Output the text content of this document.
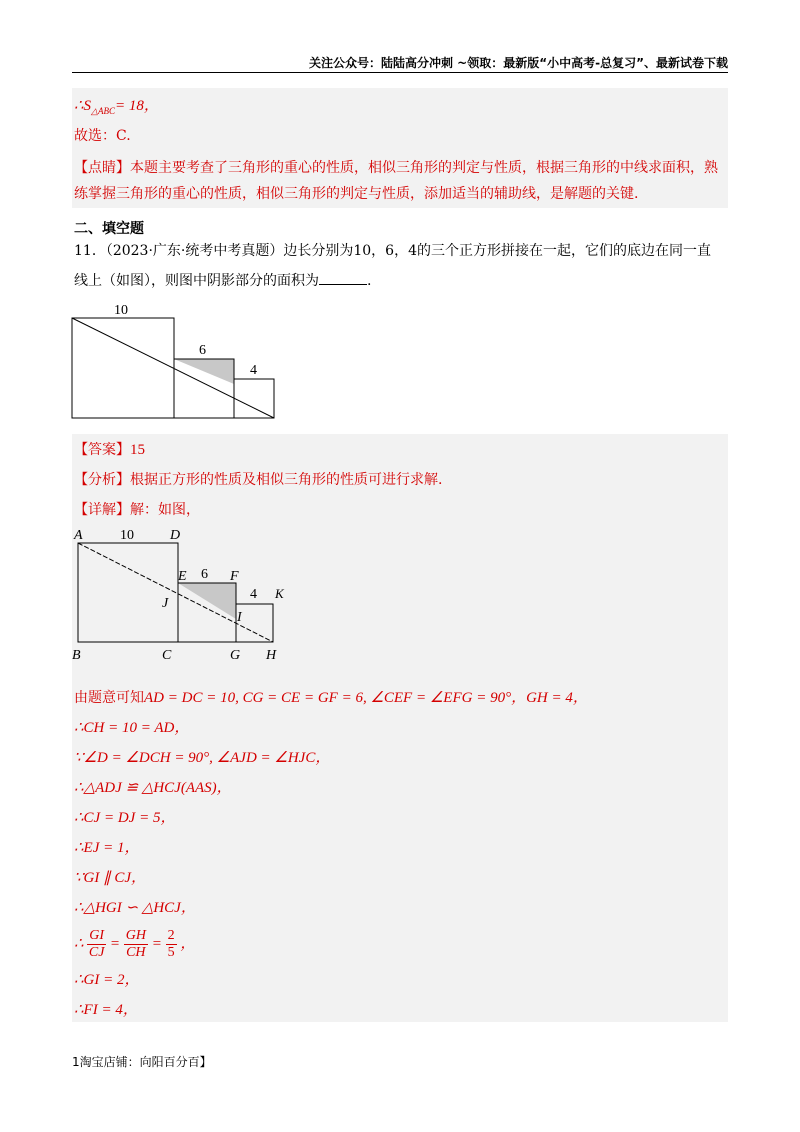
关注公众号：陆陆高分冲刺 ~领取：最新版“小中高考-总复习”、最新试卷下载
$\therefore S_{\triangle ABC}= 18$，
故选：C.
【点睛】本题主要考查了三角形的重心的性质，相似三角形的判定与性质，根据三角形的中线求面积，熟练掌握三角形的重心的性质，相似三角形的判定与性质，添加适当的辅助线，是解题的关键.
二、填空题
11．（2023·广东·统考中考真题）边长分别为10，6，4的三个正方形拼接在一起，它们的底边在同一直线上（如图），则图中阴影部分的面积为	.
10
6
4
【答案】15
【分析】根据正方形的性质及相似三角形的性质可进行求解.
【详解】解：如图，
A	10	D
E 6 F
4 K
J
I
B	C	G H
由题意可知AD = DC = 10, CG = CE = GF = 6, ∠CEF = ∠EFG = 90°，GH = 4，
∴CH = 10 = AD，
∵∠D = ∠DCH = 90°, ∠AJD = ∠HJC，
∴△ADJ ≌ △HCJ(AAS)，
∴CJ = DJ = 5，
∴EJ = 1，
∵GI ∥ CJ，
∴△HGI ∽ △HCJ，
∴ $\frac{GI}{CJ} = \frac{GH}{CH} = \frac{2}{5}$ ，
∴GI = 2，
∴FI = 4，
1淘宝店铺：向阳百分百】
